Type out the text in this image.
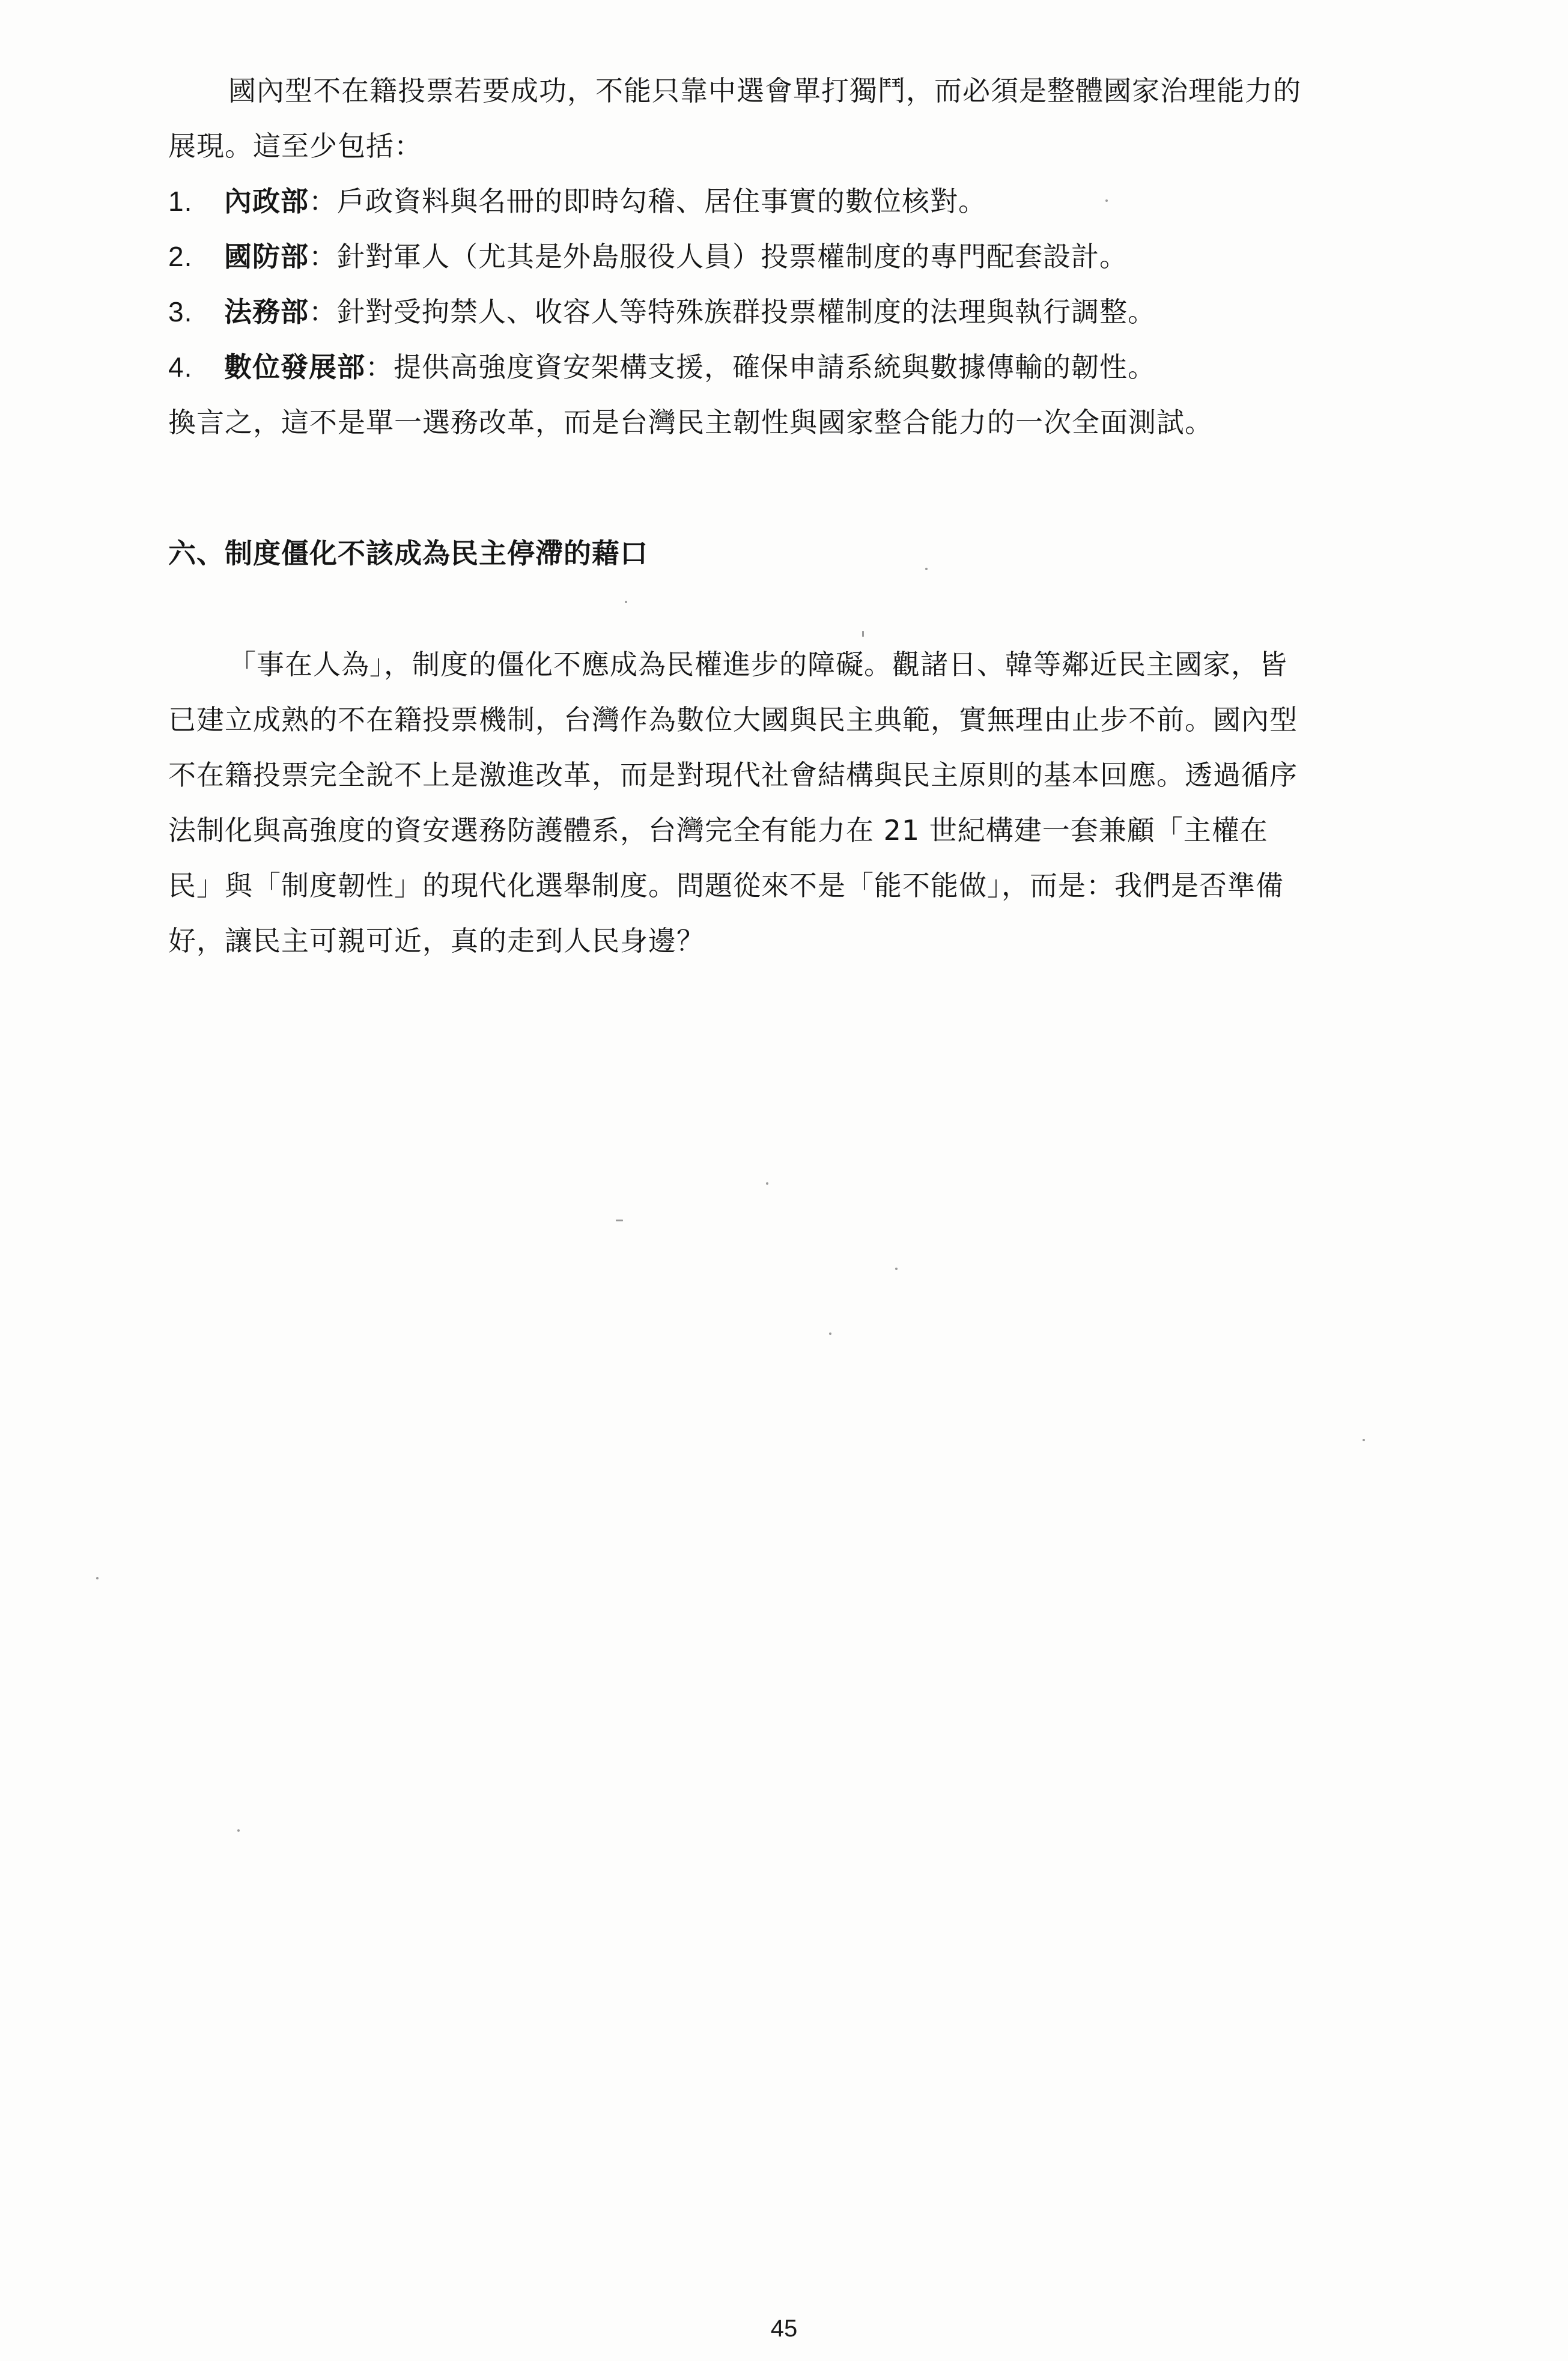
國內型不在籍投票若要成功，不能只靠中選會單打獨鬥，而必須是整體國家治理能力的

展現。這至少包括：

1.	內政部 ：戶政資料與名冊的即時勾稽、居住事實的數位核對。
2.	國防部 ：針對軍人（尤其是外島服役人員）投票權制度的專門配套設計。
3.	法務部 ：針對受拘禁人、收容人等特殊族群投票權制度的法理與執行調整。
4.	數位發展部 ：提供高強度資安架構支援，確保申請系統與數據傳輸的韌性。

換言之，這不是單一選務改革，而是台灣民主韌性與國家整合能力的一次全面測試。

六、制度僵化不該成為民主停滯的藉口

「事在人為」，制度的僵化不應成為民權進步的障礙。觀諸日、韓等鄰近民主國家，皆

已建立成熟的不在籍投票機制，台灣作為數位大國與民主典範，實無理由止步不前。國內型

不在籍投票完全說不上是激進改革，而是對現代社會結構與民主原則的基本回應。透過循序

法制化與高強度的資安選務防護體系，台灣完全有能力在 21 世紀構建一套兼顧「主權在

民」與「制度韌性」的現代化選舉制度。問題從來不是「能不能做」，而是：我們是否準備

好，讓民主可親可近，真的走到人民身邊？

45
